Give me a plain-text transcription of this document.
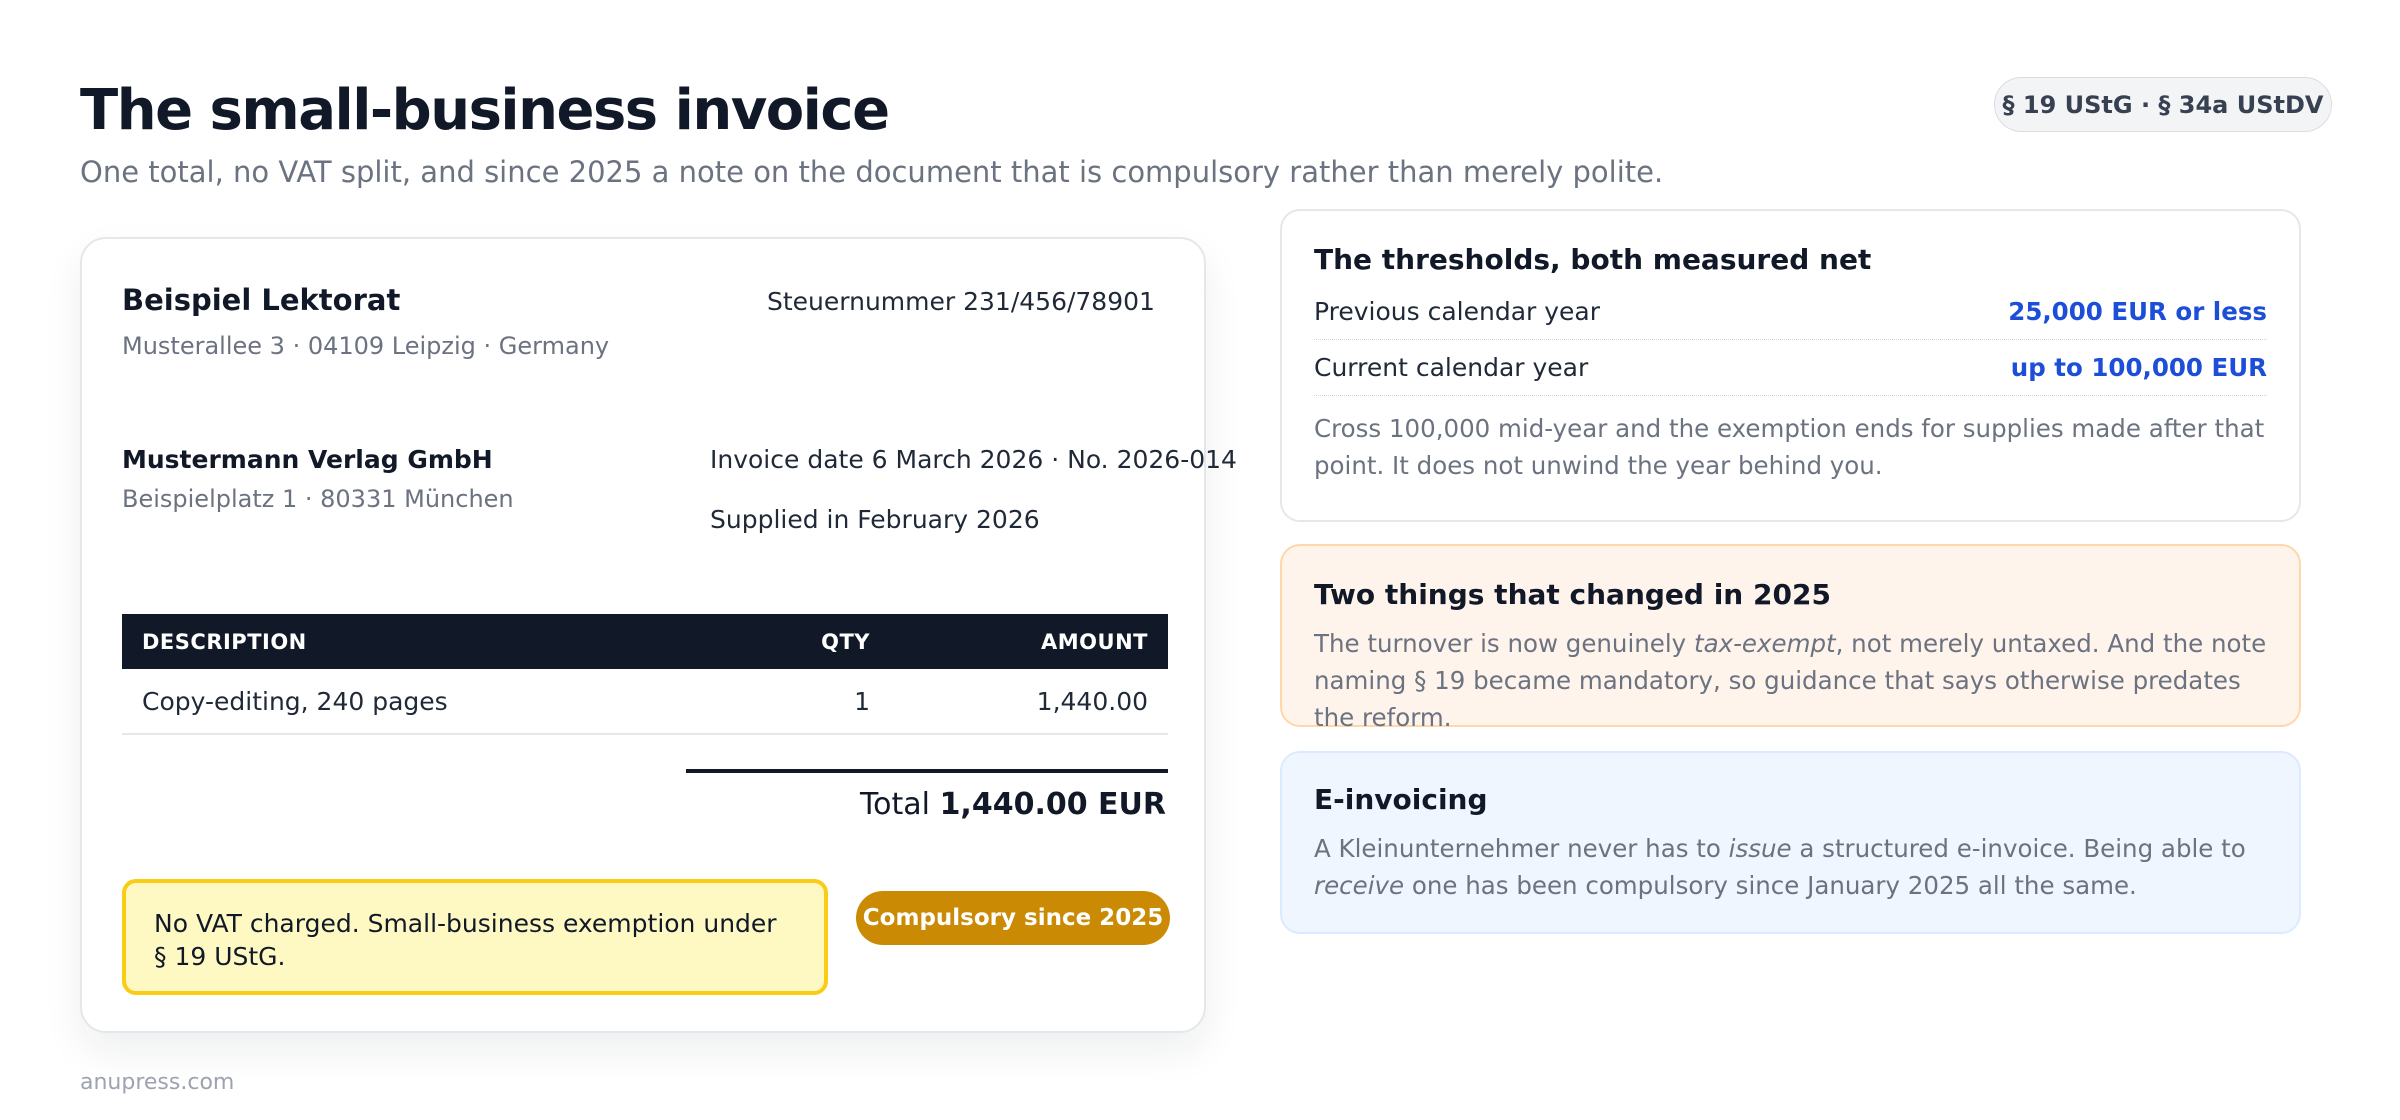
The small-business invoice
One total, no VAT split, and since 2025 a note on the document that is compulsory rather than merely polite.
§ 19 UStG · § 34a UStDV
Beispiel Lektorat
Musterallee 3 · 04109 Leipzig · Germany
Steuernummer 231/456/78901
Mustermann Verlag GmbH
Beispielplatz 1 · 80331 München
Invoice date 6 March 2026 · No. 2026-014
Supplied in February 2026
DESCRIPTION	QTY	AMOUNT
Copy-editing, 240 pages	1	1,440.00
Total 1,440.00 EUR
No VAT charged. Small-business exemption under § 19 UStG.
Compulsory since 2025
The thresholds, both measured net
Previous calendar year	25,000 EUR or less
Current calendar year	up to 100,000 EUR

Cross 100,000 mid-year and the exemption ends for supplies made after that point. It does not unwind the year behind you.

Two things that changed in 2025

The turnover is now genuinely tax-exempt, not merely untaxed. And the note naming § 19 became mandatory, so guidance that says otherwise predates the reform.

E-invoicing

A Kleinunternehmer never has to issue a structured e-invoice. Being able to receive one has been compulsory since January 2025 all the same.

anupress.com
